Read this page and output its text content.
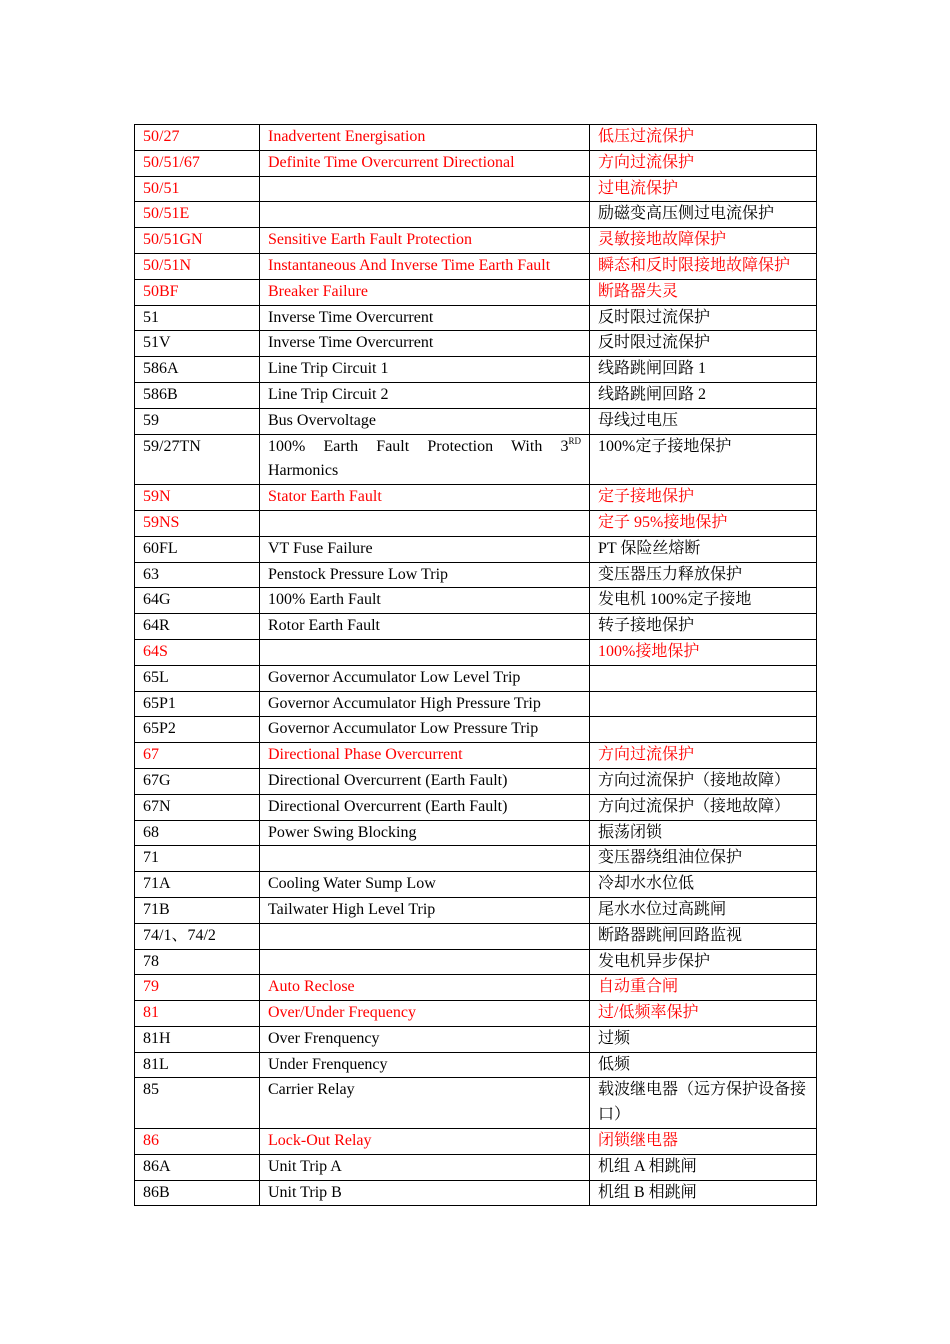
50/27	Inadvertent Energisation	低压过流保护
50/51/67	Definite Time Overcurrent Directional	方向过流保护
50/51		过电流保护
50/51E		励磁变高压侧过电流保护
50/51GN	Sensitive Earth Fault Protection	灵敏接地故障保护
50/51N	Instantaneous And Inverse Time Earth Fault	瞬态和反时限接地故障保护
50BF	Breaker Failure	断路器失灵
51	Inverse Time Overcurrent	反时限过流保护
51V	Inverse Time Overcurrent	反时限过流保护
586A	Line Trip Circuit 1	线路跳闸回路 1
586B	Line Trip Circuit 2	线路跳闸回路 2
59	Bus Overvoltage	母线过电压
59/27TN	100% Earth Fault Protection With 3RD Harmonics	100%定子接地保护
59N	Stator Earth Fault	定子接地保护
59NS		定子 95%接地保护
60FL	VT Fuse Failure	PT 保险丝熔断
63	Penstock Pressure Low Trip	变压器压力释放保护
64G	100% Earth Fault	发电机 100%定子接地
64R	Rotor Earth Fault	转子接地保护
64S		100%接地保护
65L	Governor Accumulator Low Level Trip	
65P1	Governor Accumulator High Pressure Trip	
65P2	Governor Accumulator Low Pressure Trip	
67	Directional Phase Overcurrent	方向过流保护
67G	Directional Overcurrent (Earth Fault)	方向过流保护（接地故障）
67N	Directional Overcurrent (Earth Fault)	方向过流保护（接地故障）
68	Power Swing Blocking	振荡闭锁
71		变压器绕组油位保护
71A	Cooling Water Sump Low	冷却水水位低
71B	Tailwater High Level Trip	尾水水位过高跳闸
74/1、74/2		断路器跳闸回路监视
78		发电机异步保护
79	Auto Reclose	自动重合闸
81	Over/Under Frequency	过/低频率保护
81H	Over Frenquency	过频
81L	Under Frenquency	低频
85	Carrier Relay	载波继电器（远方保护设备接口）
86	Lock-Out Relay	闭锁继电器
86A	Unit Trip A	机组 A 相跳闸
86B	Unit Trip B	机组 B 相跳闸
